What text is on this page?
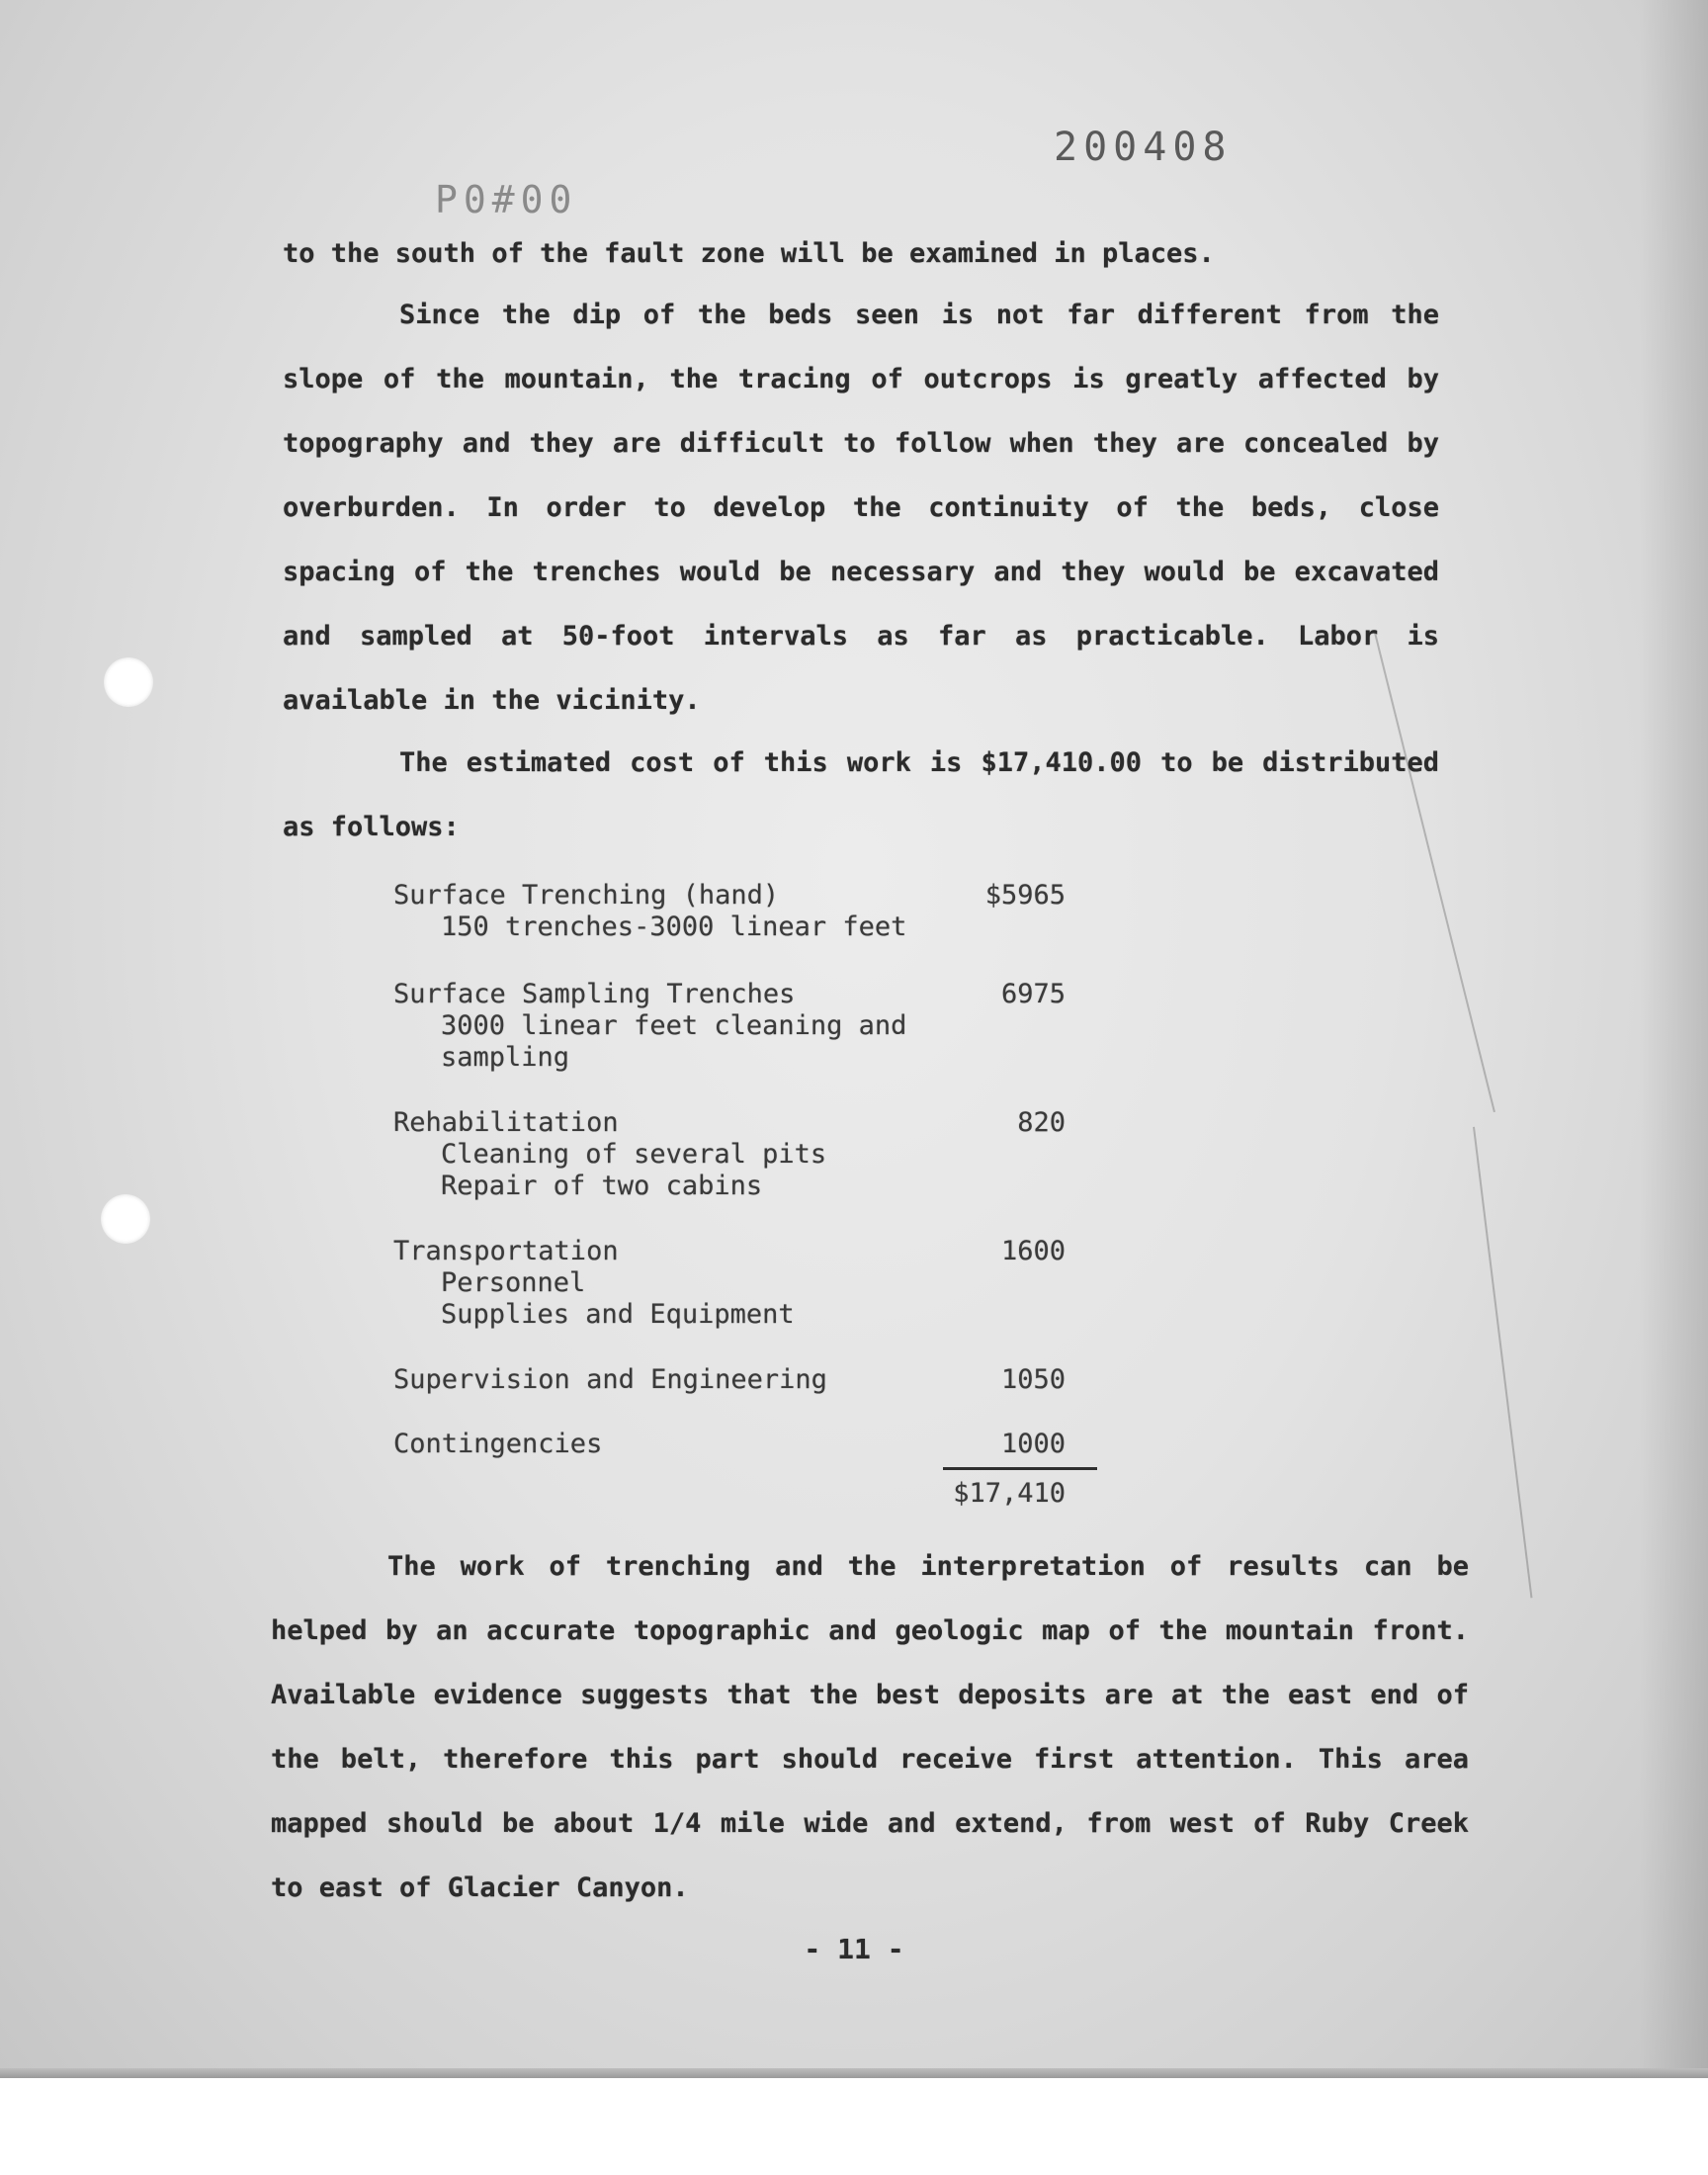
200408
P0#00

to the south of the fault zone will be examined in places.

Since the dip of the beds seen is not far different from the slope of the mountain, the tracing of outcrops is greatly affected by topography and they are difficult to follow when they are concealed by overburden. In order to develop the continuity of the beds, close spacing of the trenches would be necessary and they would be excavated and sampled at 50-foot intervals as far as practicable. Labor is available in the vicinity.

The estimated cost of this work is $17,410.00 to be distributed as follows:

Surface Trenching (hand)
150 trenches-3000 linear feet
$5965
Surface Sampling Trenches
3000 linear feet cleaning and
sampling
6975
Rehabilitation
Cleaning of several pits
Repair of two cabins
820
Transportation
Personnel
Supplies and Equipment
1600
Supervision and Engineering	1050
Contingencies	1000
$17,410

The work of trenching and the interpretation of results can be helped by an accurate topographic and geologic map of the mountain front. Available evidence suggests that the best deposits are at the east end of the belt, therefore this part should receive first attention. This area mapped should be about 1/4 mile wide and extend, from west of Ruby Creek to east of Glacier Canyon.

- 11 -
